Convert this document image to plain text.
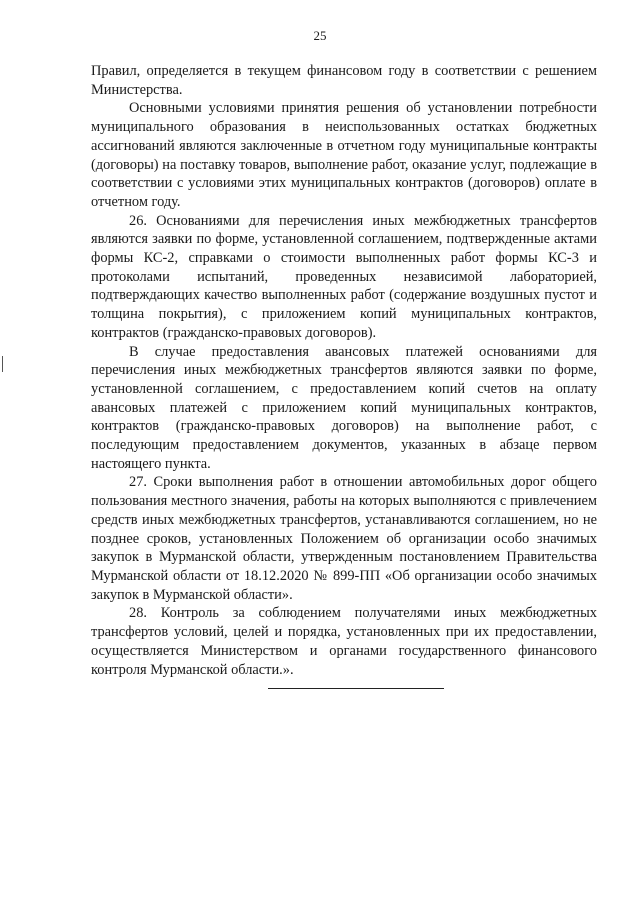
25

Правил, определяется в текущем финансовом году в соответствии с решением Министерства.

Основными условиями принятия решения об установлении потребности муниципального образования в неиспользованных остатках бюджетных ассигнований являются заключенные в отчетном году муниципальные контракты (договоры) на поставку товаров, выполнение работ, оказание услуг, подлежащие в соответствии с условиями этих муниципальных контрактов (договоров) оплате в отчетном году.

26. Основаниями для перечисления иных межбюджетных трансфертов являются заявки по форме, установленной соглашением, подтвержденные актами формы КС-2, справками о стоимости выполненных работ формы КС-3 и протоколами испытаний, проведенных независимой лабораторией, подтверждающих качество выполненных работ (содержание воздушных пустот и толщина покрытия), с приложением копий муниципальных контрактов, контрактов (гражданско-правовых договоров).

В случае предоставления авансовых платежей основаниями для перечисления иных межбюджетных трансфертов являются заявки по форме, установленной соглашением, с предоставлением копий счетов на оплату авансовых платежей с приложением копий муниципальных контрактов, контрактов (гражданско-правовых договоров) на выполнение работ, с последующим предоставлением документов, указанных в абзаце первом настоящего пункта.

27. Сроки выполнения работ в отношении автомобильных дорог общего пользования местного значения, работы на которых выполняются с привлечением средств иных межбюджетных трансфертов, устанавливаются соглашением, но не позднее сроков, установленных Положением об организации особо значимых закупок в Мурманской области, утвержденным постановлением Правительства Мурманской области от 18.12.2020 № 899-ПП «Об организации особо значимых закупок в Мурманской области».

28. Контроль за соблюдением получателями иных межбюджетных трансфертов условий, целей и порядка, установленных при их предоставлении, осуществляется Министерством и органами государственного финансового контроля Мурманской области.».
